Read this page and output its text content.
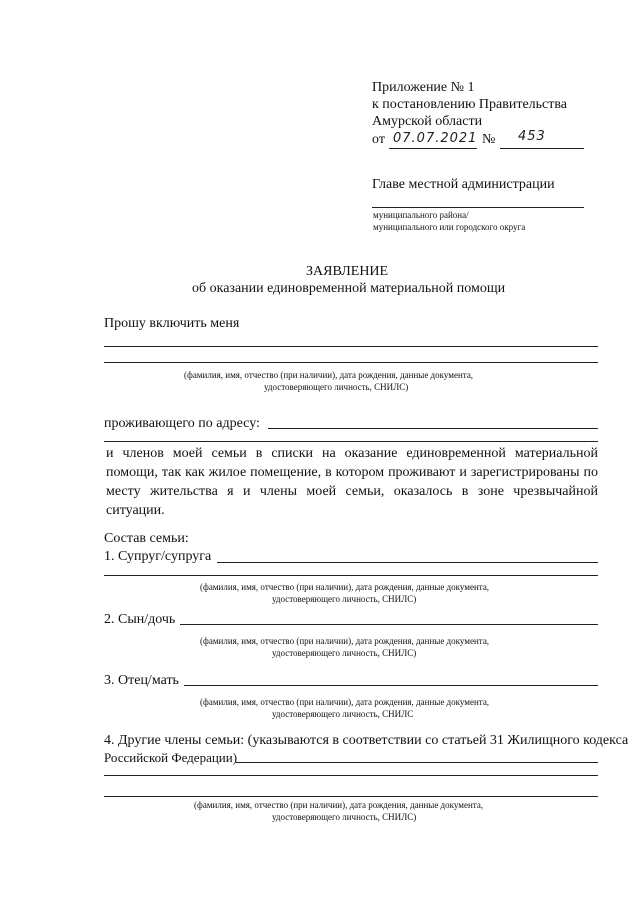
Приложение № 1
к постановлению Правительства
Амурской области
от 07.07.2021 № 453
Главе местной администрации
муниципального района/
муниципального или городского округа
ЗАЯВЛЕНИЕ
об оказании единовременной материальной помощи
Прошу включить меня
(фамилия, имя, отчество (при наличии), дата рождения, данные документа,
удостоверяющего личность, СНИЛС)
проживающего по адресу:
и членов моей семьи в списки на оказание единовременной материальной помощи, так как жилое помещение, в котором проживают и зарегистрированы по месту жительства я и члены моей семьи, оказалось в зоне чрезвычайной ситуации.
Состав семьи:
1. Супруг/супруга
(фамилия, имя, отчество (при наличии), дата рождения, данные документа,
удостоверяющего личность, СНИЛС)
2. Сын/дочь
(фамилия, имя, отчество (при наличии), дата рождения, данные документа,
удостоверяющего личность, СНИЛС)
3. Отец/мать
(фамилия, имя, отчество (при наличии), дата рождения, данные документа,
удостоверяющего личность, СНИЛС
4. Другие члены семьи: (указываются в соответствии со статьей 31 Жилищного кодекса
Российской Федерации)
(фамилия, имя, отчество (при наличии), дата рождения, данные документа,
удостоверяющего личность, СНИЛС)
